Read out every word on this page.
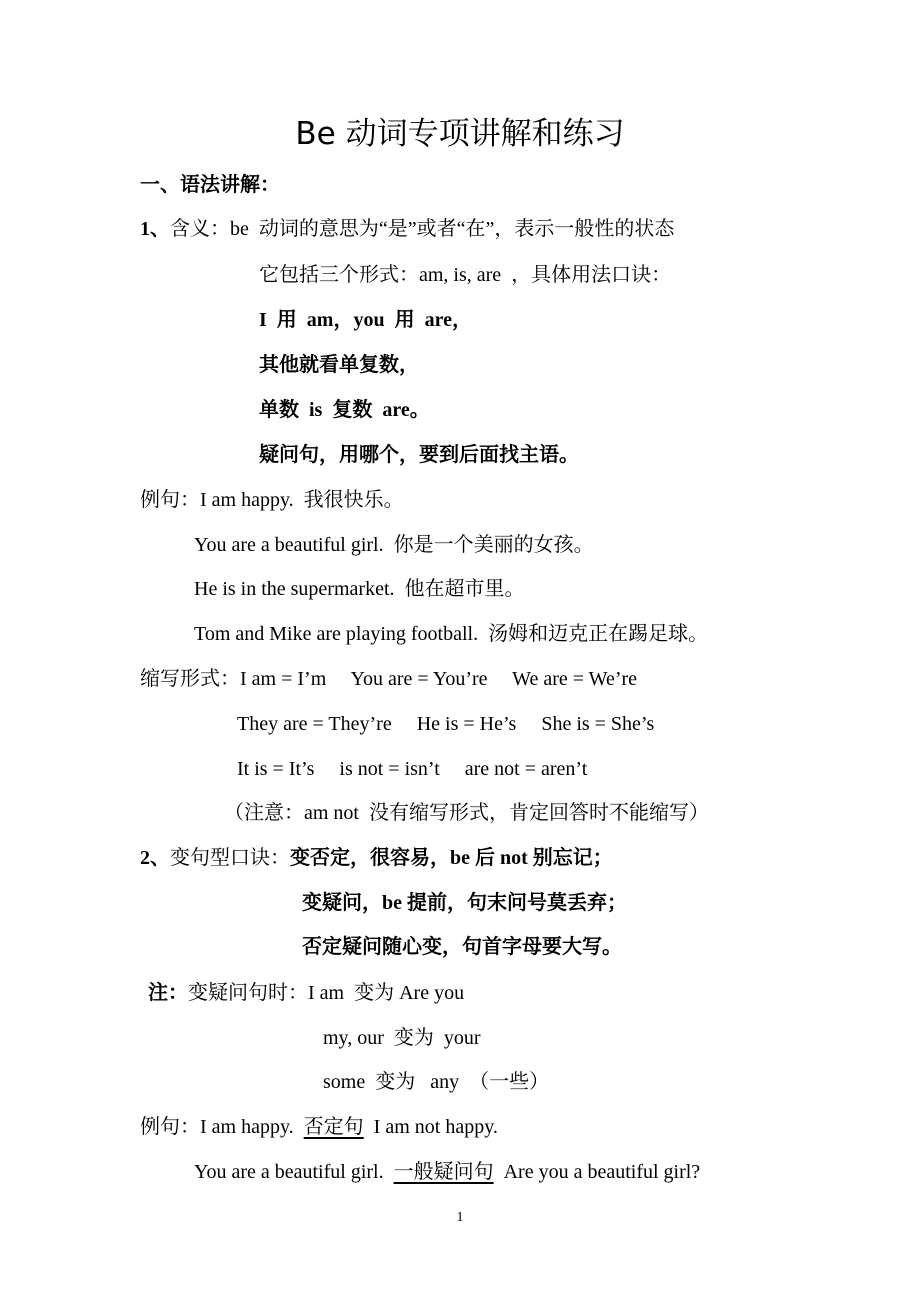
Be 动词专项讲解和练习
一、语法讲解：
1、含义：be  动词的意思为“是”或者“在”，表示一般性的状态
它包括三个形式：am, is, are  ，具体用法口诀：
I  用  am，you  用  are，
其他就看单复数，
单数  is  复数  are。
疑问句，用哪个，要到后面找主语。
例句：I am happy.  我很快乐。
You are a beautiful girl.  你是一个美丽的女孩。
He is in the supermarket.  他在超市里。
Tom and Mike are playing football.  汤姆和迈克正在踢足球。
缩写形式：I am = I’m     You are = You’re     We are = We’re
They are = They’re     He is = He’s     She is = She’s
It is = It’s     is not = isn’t     are not = aren’t
（注意：am not  没有缩写形式，肯定回答时不能缩写）
2、变句型口诀：变否定，很容易，be 后 not 别忘记；
变疑问，be 提前，句末问号莫丢弃；
否定疑问随心变，句首字母要大写。
注：变疑问句时：I am  变为 Are you
my, our  变为  your
some  变为   any  （一些）
例句：I am happy. 否定句 I am not happy.
You are a beautiful girl. 一般疑问句 Are you a beautiful girl?
1
